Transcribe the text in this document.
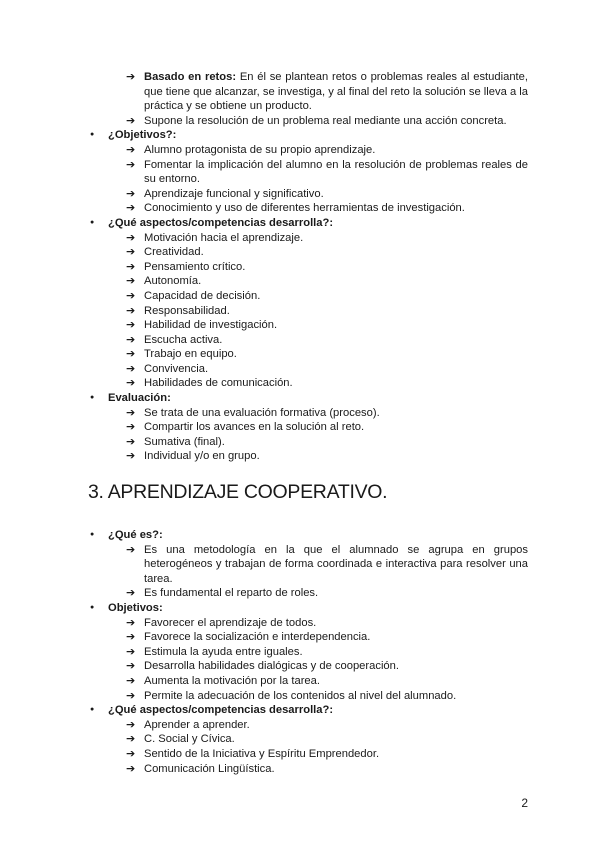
➔ Basado en retos: En él se plantean retos o problemas reales al estudiante, que tiene que alcanzar, se investiga, y al final del reto la solución se lleva a la práctica y se obtiene un producto.
➔ Supone la resolución de un problema real mediante una acción concreta.
● ¿Objetivos?:
➔ Alumno protagonista de su propio aprendizaje.
➔ Fomentar la implicación del alumno en la resolución de problemas reales de su entorno.
➔ Aprendizaje funcional y significativo.
➔ Conocimiento y uso de diferentes herramientas de investigación.
● ¿Qué aspectos/competencias desarrolla?:
➔ Motivación hacia el aprendizaje.
➔ Creatividad.
➔ Pensamiento crítico.
➔ Autonomía.
➔ Capacidad de decisión.
➔ Responsabilidad.
➔ Habilidad de investigación.
➔ Escucha activa.
➔ Trabajo en equipo.
➔ Convivencia.
➔ Habilidades de comunicación.
● Evaluación:
➔ Se trata de una evaluación formativa (proceso).
➔ Compartir los avances en la solución al reto.
➔ Sumativa (final).
➔ Individual y/o en grupo.
3. APRENDIZAJE COOPERATIVO.
● ¿Qué es?:
➔ Es una metodología en la que el alumnado se agrupa en grupos heterogéneos y trabajan de forma coordinada e interactiva para resolver una tarea.
➔ Es fundamental el reparto de roles.
● Objetivos:
➔ Favorecer el aprendizaje de todos.
➔ Favorece la socialización e interdependencia.
➔ Estimula la ayuda entre iguales.
➔ Desarrolla habilidades dialógicas y de cooperación.
➔ Aumenta la motivación por la tarea.
➔ Permite la adecuación de los contenidos al nivel del alumnado.
● ¿Qué aspectos/competencias desarrolla?:
➔ Aprender a aprender.
➔ C. Social y Cívica.
➔ Sentido de la Iniciativa y Espíritu Emprendedor.
➔ Comunicación Lingüística.
2
